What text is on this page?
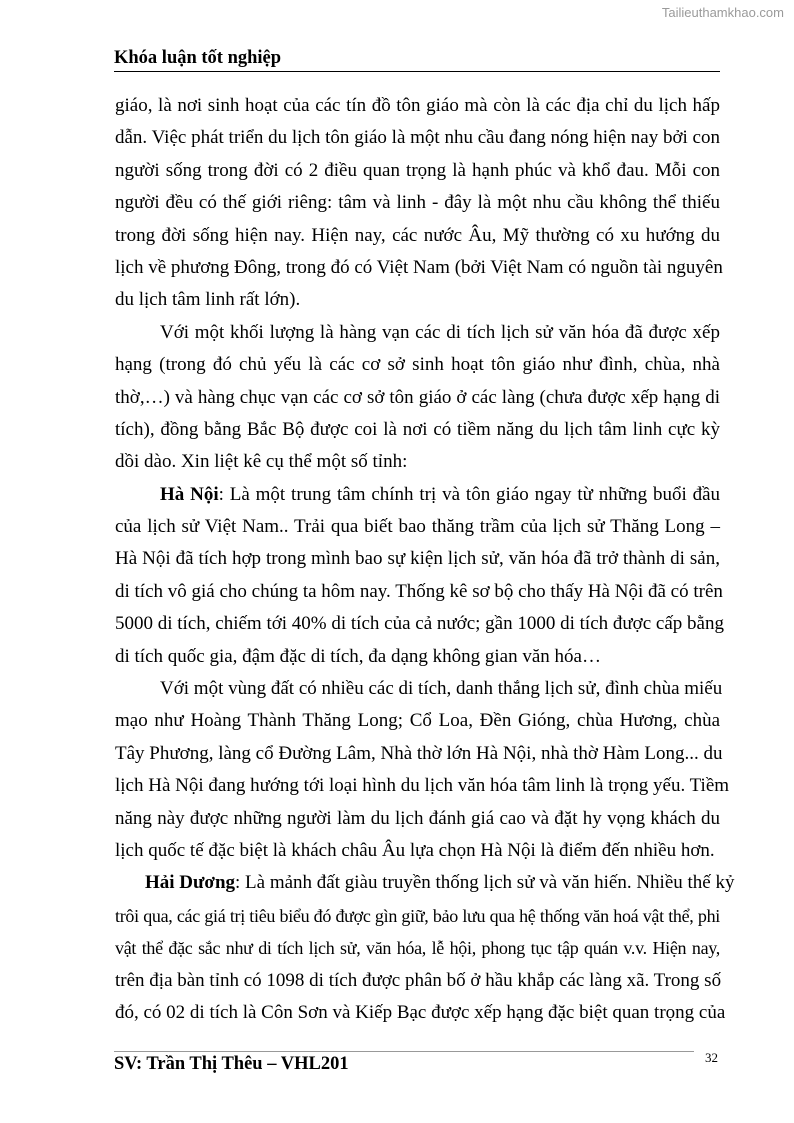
Tailieuthamkhao.com
Khóa luận tốt nghiệp
giáo, là nơi sinh hoạt của các tín đồ tôn giáo mà còn là các địa chỉ du lịch hấp
dẫn. Việc phát triển du lịch tôn giáo là một nhu cầu đang nóng hiện nay bởi con
người sống trong đời có 2 điều quan trọng là hạnh phúc và khổ đau. Mỗi con
người đều có thế giới riêng: tâm và linh - đây là một nhu cầu không thể thiếu
trong đời sống hiện nay. Hiện nay, các nước Âu, Mỹ thường có xu hướng du
lịch về phương Đông, trong đó có Việt Nam (bởi Việt Nam có nguồn tài nguyên
du lịch tâm linh rất lớn).
Với một khối lượng là hàng vạn các di tích lịch sử văn hóa đã được xếp
hạng (trong đó chủ yếu là các cơ sở sinh hoạt tôn giáo như đình, chùa, nhà
thờ,…) và hàng chục vạn các cơ sở tôn giáo ở các làng (chưa được xếp hạng di
tích), đồng bằng Bắc Bộ được coi là nơi có tiềm năng du lịch tâm linh cực kỳ
dồi dào. Xin liệt kê cụ thể một số tỉnh:
Hà Nội: Là một trung tâm chính trị và tôn giáo ngay từ những buổi đầu
của lịch sử Việt Nam.. Trải qua biết bao thăng trầm của lịch sử Thăng Long –
Hà Nội đã tích hợp trong mình bao sự kiện lịch sử, văn hóa đã trở thành di sản,
di tích vô giá cho chúng ta hôm nay. Thống kê sơ bộ cho thấy Hà Nội đã có trên
5000 di tích, chiếm tới 40% di tích của cả nước; gần 1000 di tích được cấp bằng
di tích quốc gia, đậm đặc di tích, đa dạng không gian văn hóa…
Với một vùng đất có nhiều các di tích, danh thắng lịch sử, đình chùa miếu
mạo như Hoàng Thành Thăng Long; Cổ Loa, Đền Gióng, chùa Hương, chùa
Tây Phương, làng cổ Đường Lâm, Nhà thờ lớn Hà Nội, nhà thờ Hàm Long... du
lịch Hà Nội đang hướng tới loại hình du lịch văn hóa tâm linh là trọng yếu. Tiềm
năng này được những người làm du lịch đánh giá cao và đặt hy vọng khách du
lịch quốc tế đặc biệt là khách châu Âu lựa chọn Hà Nội là điểm đến nhiều hơn.
Hải Dương: Là mảnh đất giàu truyền thống lịch sử và văn hiến. Nhiều thế kỷ
trôi qua, các giá trị tiêu biểu đó được gìn giữ, bảo lưu qua hệ thống văn hoá vật thể, phi
vật thể đặc sắc như di tích lịch sử, văn hóa, lễ hội, phong tục tập quán v.v. Hiện nay,
trên địa bàn tỉnh có 1098 di tích được phân bố ở hầu khắp các làng xã. Trong số
đó, có 02 di tích là Côn Sơn và Kiếp Bạc được xếp hạng đặc biệt quan trọng của
SV: Trần Thị Thêu – VHL201	32
